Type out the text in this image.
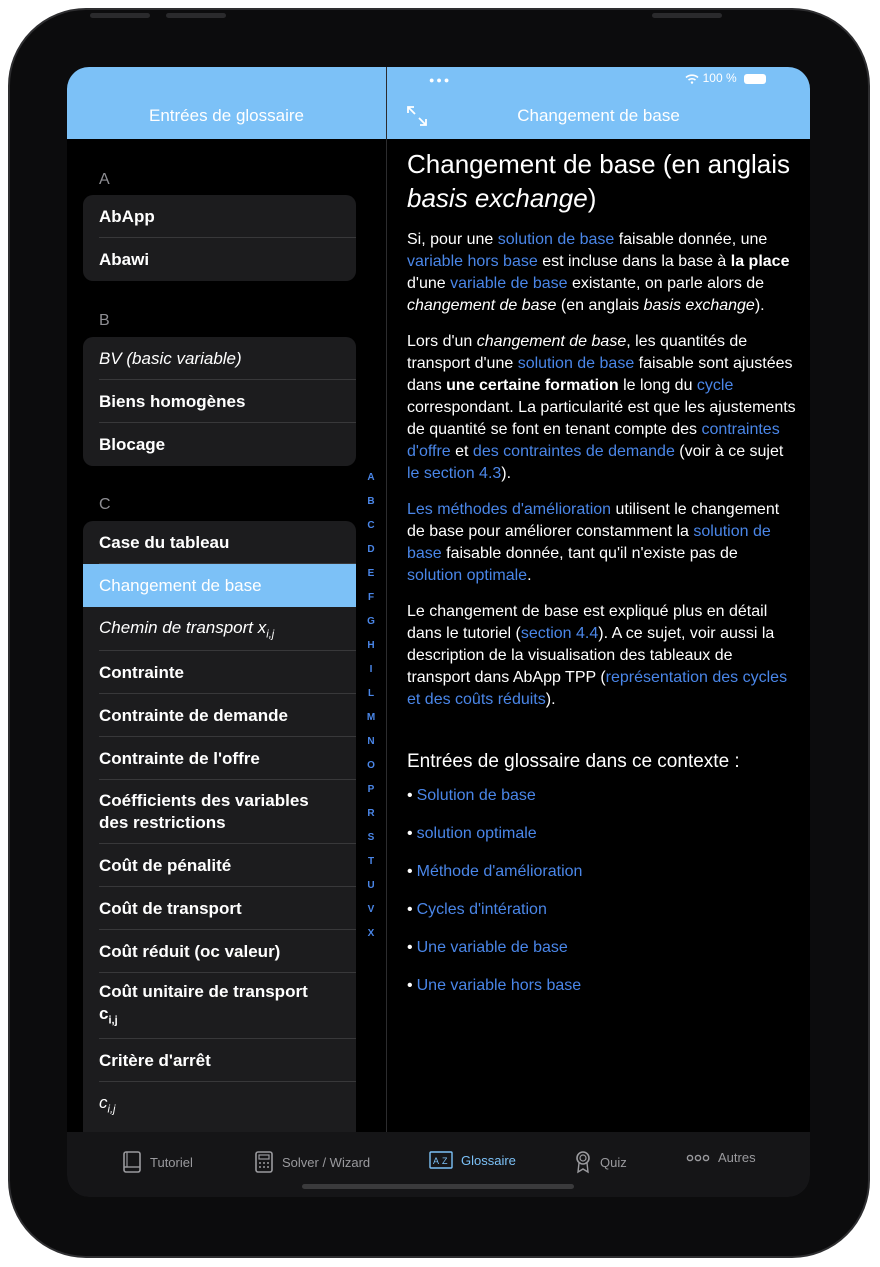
Entrées de glossaire	Changement de base
●●●	100 %
A
AbApp
Abawi
B
BV (basic variable)
Biens homogènes
Blocage
C
Case du tableau
Changement de base
Chemin de transport $x_{i,j}$
Contrainte
Contrainte de demande
Contrainte de l'offre
Coéfficients des variables
des restrictions
Coût de pénalité
Coût de transport
Coût réduit (oc valeur)
Coût unitaire de transport
$c_{i,j}$
Critère d'arrêt
$c_{i,j}$
A
B
C
D
E
F
G
H
I
L
M
N
O
P
R
S
T
U
V
X
Changement de base (en anglais basis exchange)

Si, pour une solution de base faisable donnée, une variable hors base est incluse dans la base à la place d'une variable de base existante, on parle alors de changement de base (en anglais basis exchange).

Lors d'un changement de base, les quantités de transport d'une solution de base faisable sont ajustées dans une certaine formation le long du cycle correspondant. La particularité est que les ajustements de quantité se font en tenant compte des contraintes d'offre et des contraintes de demande (voir à ce sujet le section 4.3).

Les méthodes d'amélioration utilisent le changement de base pour améliorer constamment la solution de base faisable donnée, tant qu'il n'existe pas de solution optimale.

Le changement de base est expliqué plus en détail dans le tutoriel (section 4.4). A ce sujet, voir aussi la description de la visualisation des tableaux de transport dans AbApp TPP (représentation des cycles et des coûts réduits).

Entrées de glossaire dans ce contexte :
• Solution de base
• solution optimale
• Méthode d'amélioration
• Cycles d'intération
• Une variable de base
• Une variable hors base
Tutoriel	Solver / Wizard	A Z Glossaire	Quiz	Autres
